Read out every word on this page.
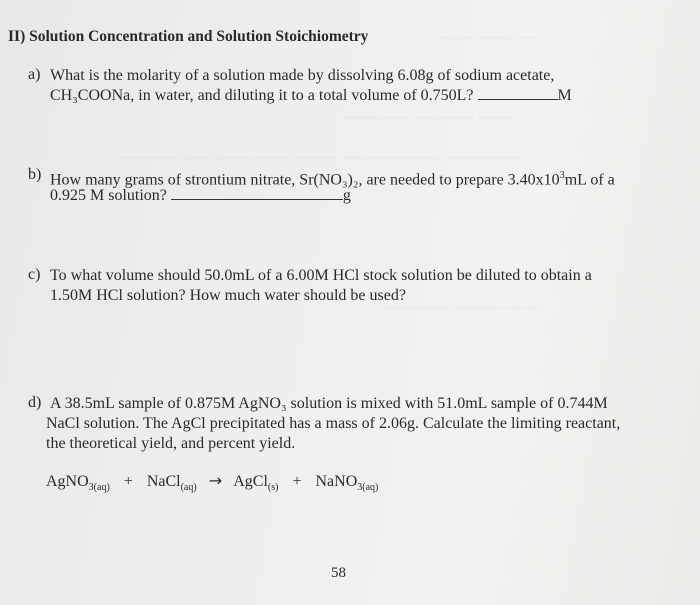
~~~~ ~~~~ ~~
~~~~~~~~ ~~~~~~~ ~~~~
~~~~~~~ ~~~ ~~~~~~~~~ ~~~~~ ~~~~~~~~~~~ ~~~~~~~~~
~~~~~~~~ ~~~~~~~~~~
II) Solution Concentration and Solution Stoichiometry
a) What is the molarity of a solution made by dissolving 6.08g of sodium acetate,
CH₃COONa, in water, and diluting it to a total volume of 0.750L?	M
b) How many grams of strontium nitrate, Sr(NO₃)₂, are needed to prepare $3.40x10^3mL$ of a
0.925 M solution?	g
c) To what volume should 50.0mL of a 6.00M HCl stock solution be diluted to obtain a
1.50M HCl solution? How much water should be used?
d) A 38.5mL sample of 0.875M AgNO₃ solution is mixed with 51.0mL sample of 0.744M
NaCl solution. The AgCl precipitated has a mass of 2.06g. Calculate the limiting reactant,
the theoretical yield, and percent yield.
AgNO$_{3(aq)}$ + NaCl$_{(aq)}$ → AgCl$_{(s)}$ + NaNO$_{3(aq)}$
58
